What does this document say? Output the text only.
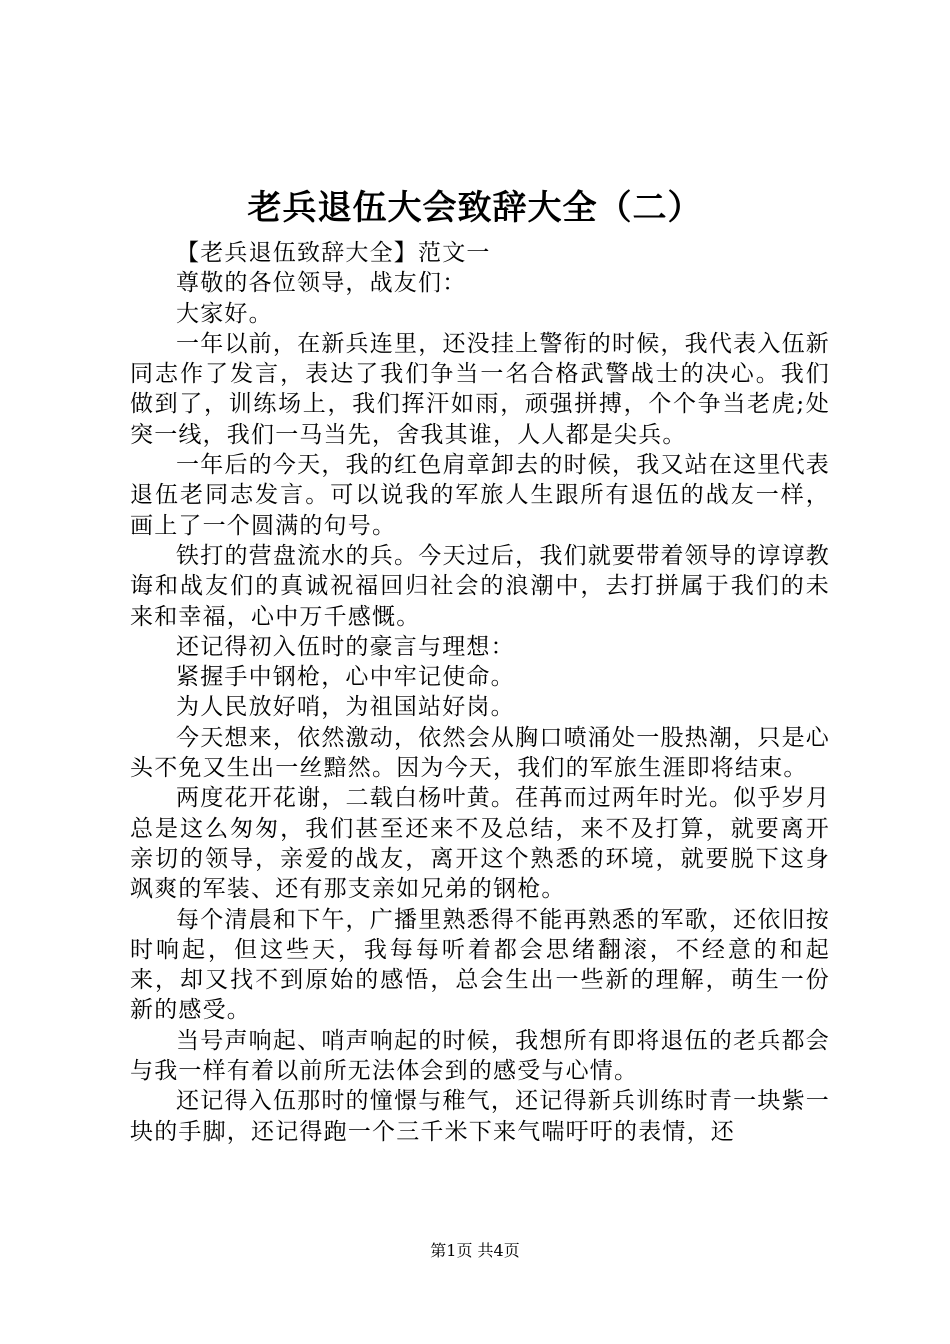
老兵退伍大会致辞大全（二）

【老兵退伍致辞大全】范文一

尊敬的各位领导，战友们：

大家好。

一年以前，在新兵连里，还没挂上警衔的时候，我代表入伍新同志作了发言，表达了我们争当一名合格武警战士的决心。我们做到了，训练场上，我们挥汗如雨，顽强拼搏，个个争当老虎;处突一线，我们一马当先，舍我其谁，人人都是尖兵。

一年后的今天，我的红色肩章卸去的时候，我又站在这里代表退伍老同志发言。可以说我的军旅人生跟所有退伍的战友一样，画上了一个圆满的句号。

铁打的营盘流水的兵。今天过后，我们就要带着领导的谆谆教诲和战友们的真诚祝福回归社会的浪潮中，去打拼属于我们的未来和幸福，心中万千感慨。

还记得初入伍时的豪言与理想：

紧握手中钢枪，心中牢记使命。

为人民放好哨，为祖国站好岗。

今天想来，依然激动，依然会从胸口喷涌处一股热潮，只是心头不免又生出一丝黯然。因为今天，我们的军旅生涯即将结束。

两度花开花谢，二载白杨叶黄。荏苒而过两年时光。似乎岁月总是这么匆匆，我们甚至还来不及总结，来不及打算，就要离开亲切的领导，亲爱的战友，离开这个熟悉的环境，就要脱下这身飒爽的军装、还有那支亲如兄弟的钢枪。

每个清晨和下午，广播里熟悉得不能再熟悉的军歌，还依旧按时响起，但这些天，我每每听着都会思绪翻滚，不经意的和起来，却又找不到原始的感悟，总会生出一些新的理解，萌生一份新的感受。

当号声响起、哨声响起的时候，我想所有即将退伍的老兵都会与我一样有着以前所无法体会到的感受与心情。

还记得入伍那时的憧憬与稚气，还记得新兵训练时青一块紫一块的手脚，还记得跑一个三千米下来气喘吁吁的表情，还

第1页 共4页
